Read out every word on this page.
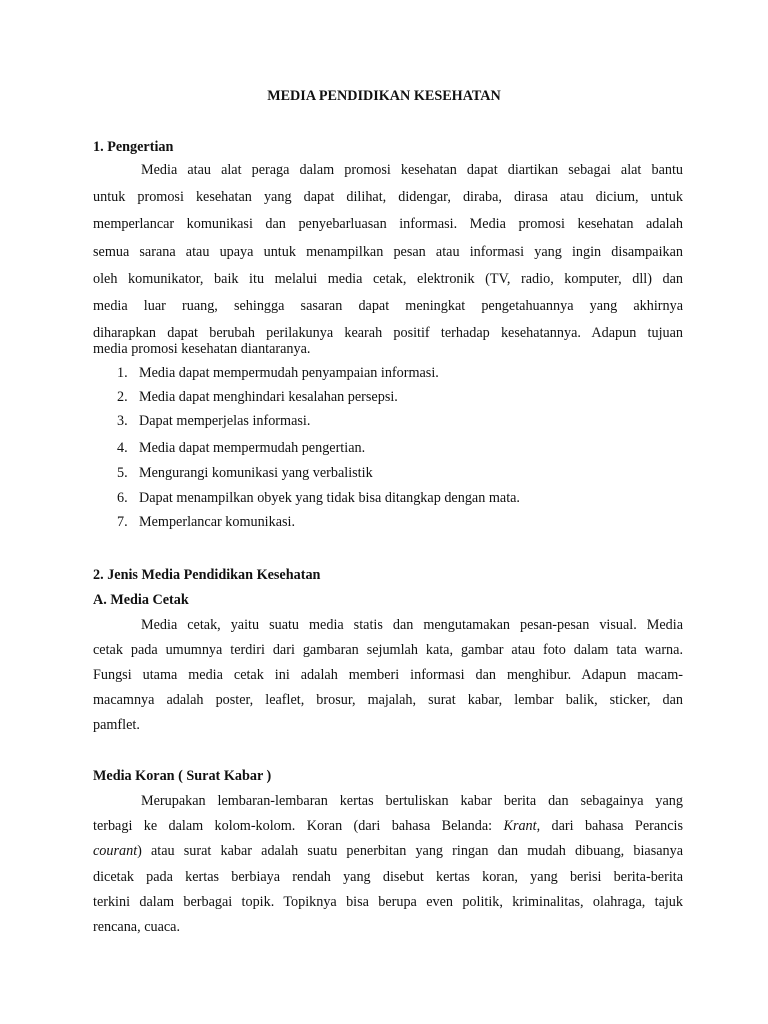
MEDIA PENDIDIKAN KESEHATAN
1. Pengertian
Media atau alat peraga dalam promosi kesehatan dapat diartikan sebagai alat bantu
untuk promosi kesehatan yang dapat dilihat, didengar, diraba, dirasa atau dicium, untuk
memperlancar komunikasi dan penyebarluasan informasi. Media promosi kesehatan adalah
semua sarana atau upaya untuk menampilkan pesan atau informasi yang ingin disampaikan
oleh komunikator, baik itu melalui media cetak, elektronik (TV, radio, komputer, dll) dan
media luar ruang, sehingga sasaran dapat meningkat pengetahuannya yang akhirnya
diharapkan dapat berubah perilakunya kearah positif terhadap kesehatannya. Adapun tujuan
media promosi kesehatan diantaranya.
1. Media dapat mempermudah penyampaian informasi.
2. Media dapat menghindari kesalahan persepsi.
3. Dapat memperjelas informasi.
4. Media dapat mempermudah pengertian.
5. Mengurangi komunikasi yang verbalistik
6. Dapat menampilkan obyek yang tidak bisa ditangkap dengan mata.
7. Memperlancar komunikasi.
2. Jenis Media Pendidikan Kesehatan
A. Media Cetak
Media cetak, yaitu suatu media statis dan mengutamakan pesan-pesan visual. Media
cetak pada umumnya terdiri dari gambaran sejumlah kata, gambar atau foto dalam tata warna.
Fungsi utama media cetak ini adalah memberi informasi dan menghibur. Adapun macam-
macamnya adalah poster, leaflet, brosur, majalah, surat kabar, lembar balik, sticker, dan
pamflet.
Media Koran ( Surat Kabar )
Merupakan lembaran-lembaran kertas bertuliskan kabar berita dan sebagainya yang
terbagi ke dalam kolom-kolom. Koran (dari bahasa Belanda: Krant, dari bahasa Perancis
courant) atau surat kabar adalah suatu penerbitan yang ringan dan mudah dibuang, biasanya
dicetak pada kertas berbiaya rendah yang disebut kertas koran, yang berisi berita-berita
terkini dalam berbagai topik. Topiknya bisa berupa even politik, kriminalitas, olahraga, tajuk
rencana, cuaca.
